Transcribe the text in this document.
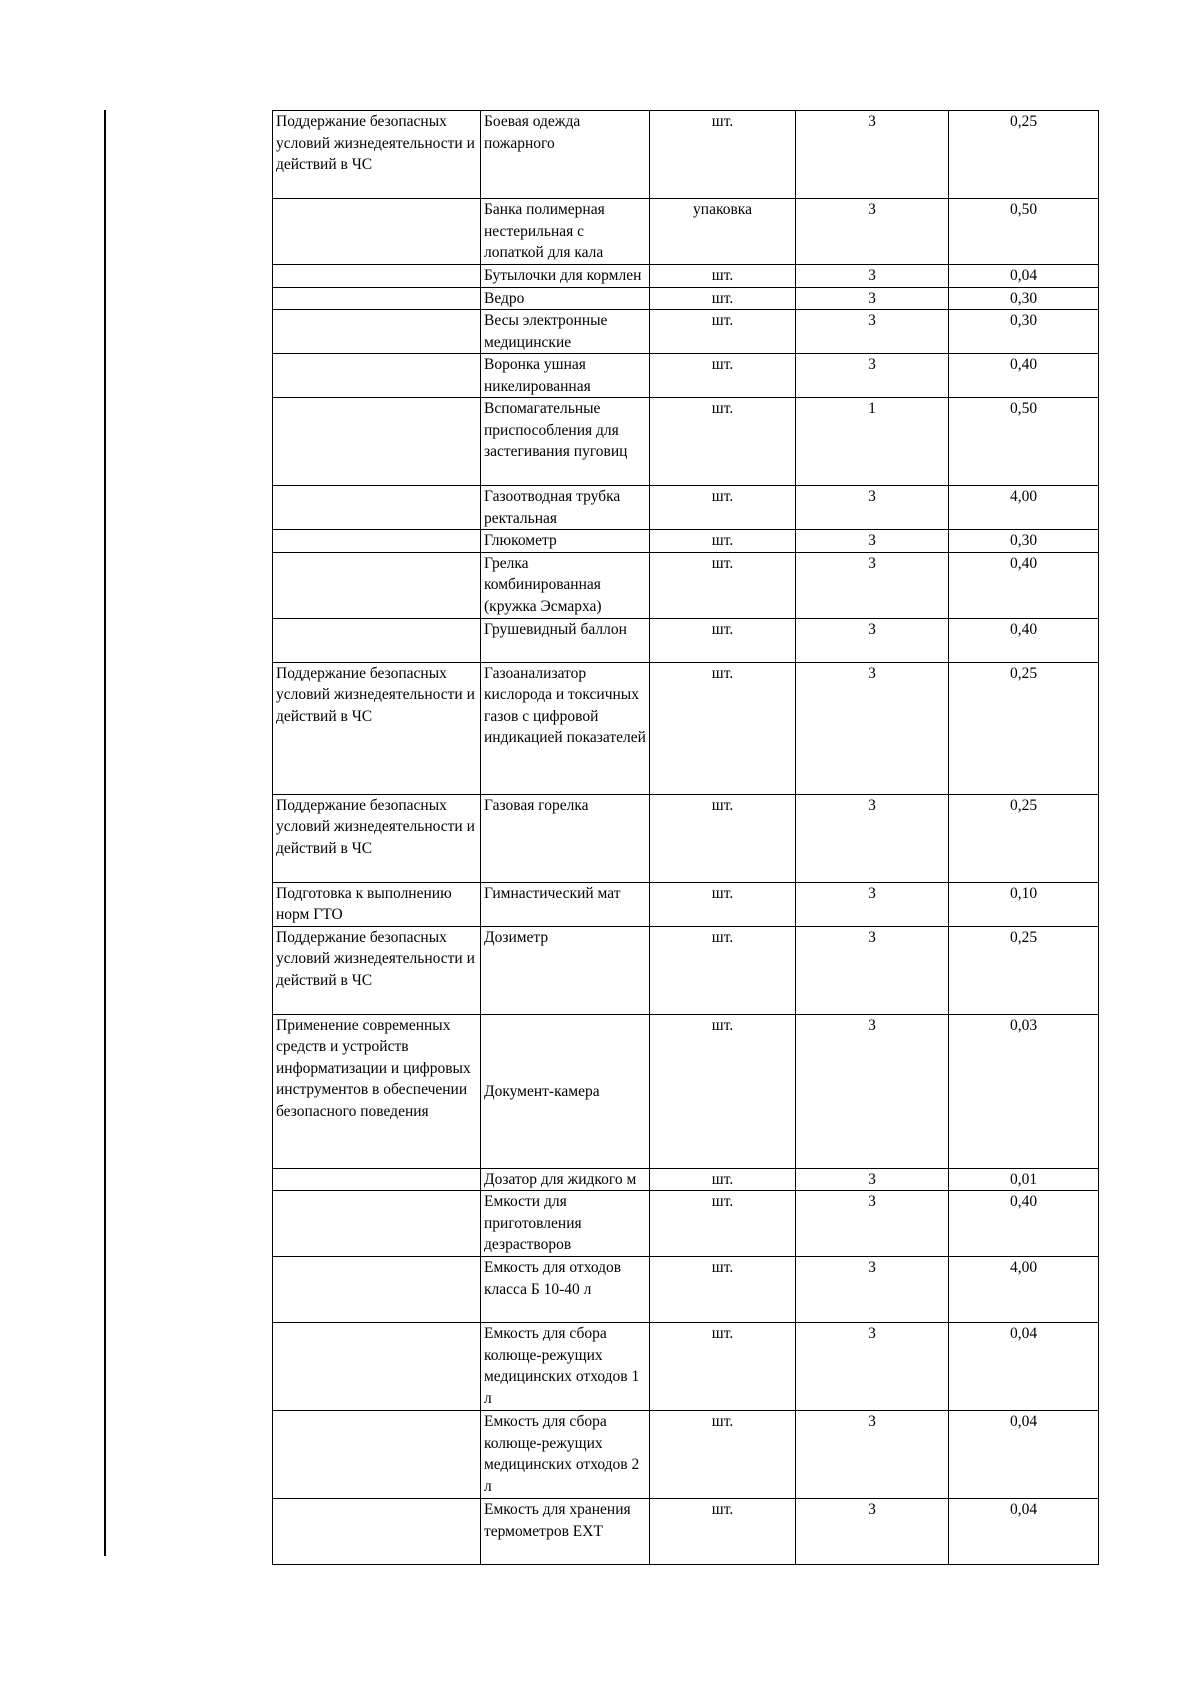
Поддержание безопасных условий жизнедеятельности и действий в ЧС	Боевая одежда пожарного	шт.	3	0,25

	Банка полимерная нестерильная с лопаткой для кала	упаковка	3	0,50

	Бутылочки для кормлен	шт.	3	0,04

	Ведро	шт.	3	0,30

	Весы электронные медицинские	шт.	3	0,30

	Воронка ушная никелированная	шт.	3	0,40

	Вспомагательные приспособления для застегивания пуговиц	шт.	1	0,50

	Газоотводная трубка ректальная	шт.	3	4,00

	Глюкометр	шт.	3	0,30

	Грелка комбинированная (кружка Эсмарха)	шт.	3	0,40

	Грушевидный баллон	шт.	3	0,40

Поддержание безопасных условий жизнедеятельности и действий в ЧС	Газоанализатор кислорода и токсичных газов с цифровой индикацией показателей	шт.	3	0,25

Поддержание безопасных условий жизнедеятельности и действий в ЧС	Газовая горелка	шт.	3	0,25

Подготовка к выполнению норм ГТО	Гимнастический мат	шт.	3	0,10

Поддержание безопасных условий жизнедеятельности и действий в ЧС	Дозиметр	шт.	3	0,25

Применение современных средств и устройств информатизации и цифровых инструментов в обеспечении безопасного поведения	Документ-камера	шт.	3	0,03

	Дозатор для жидкого м	шт.	3	0,01

	Емкости для приготовления дезрастворов	шт.	3	0,40

	Емкость для отходов класса Б 10-40 л	шт.	3	4,00

	Емкость для сбора колюще-режущих медицинских отходов 1 л	шт.	3	0,04

	Емкость для сбора колюще-режущих медицинских отходов 2 л	шт.	3	0,04

	Емкость для хранения термометров EXT	шт.	3	0,04
